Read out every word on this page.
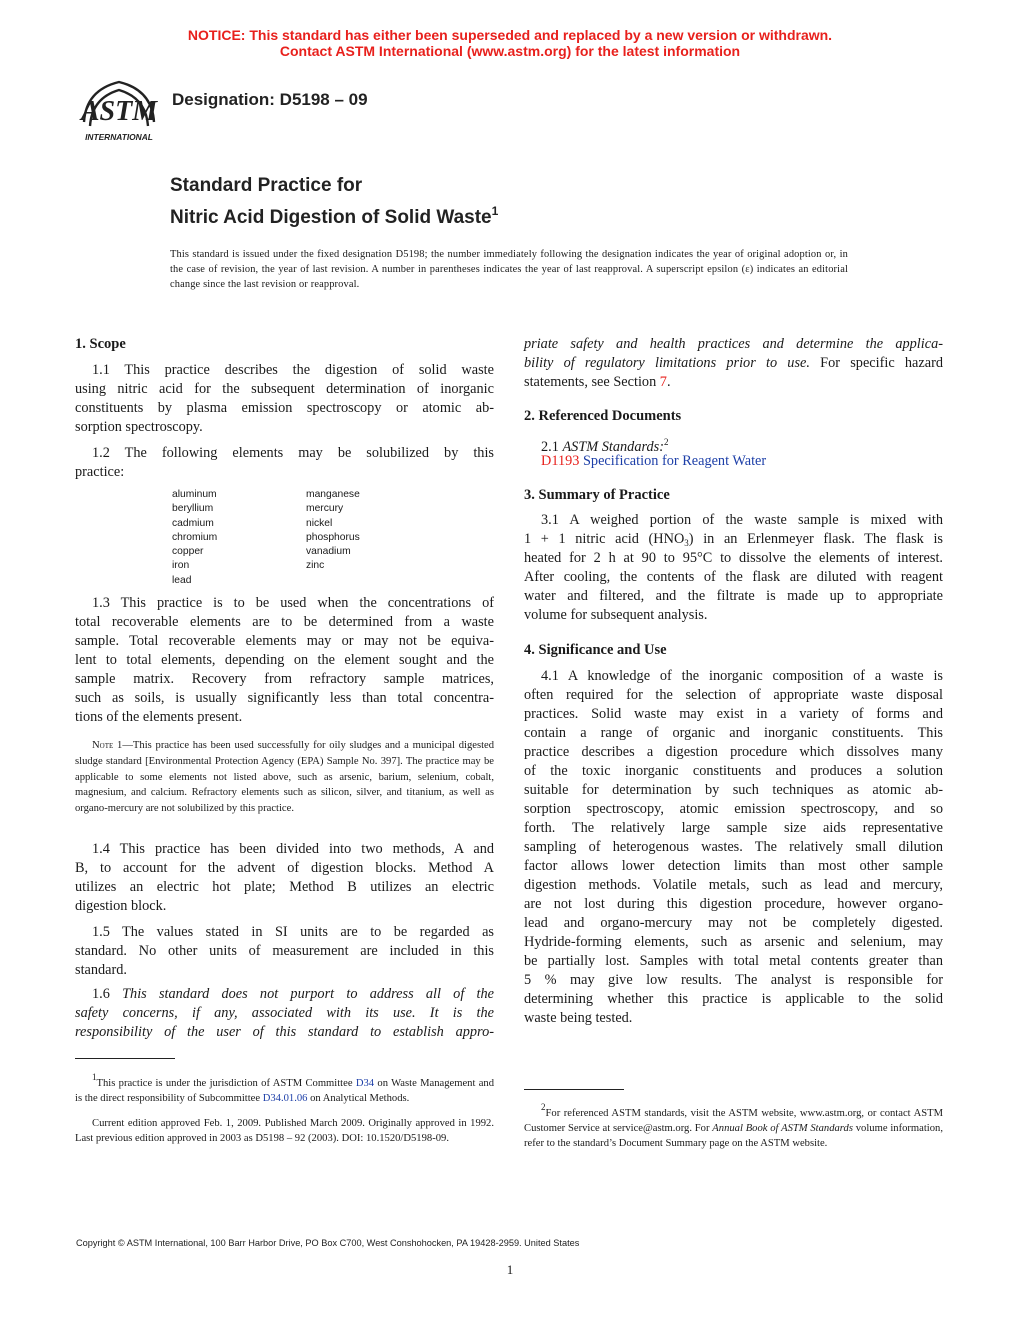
NOTICE: This standard has either been superseded and replaced by a new version or withdrawn.
Contact ASTM International (www.astm.org) for the latest information
ASTM
INTERNATIONAL
Designation: D5198 – 09
Standard Practice for
Nitric Acid Digestion of Solid Waste$^1$
This standard is issued under the fixed designation D5198; the number immediately following the designation indicates the year of original adoption or, in the case of revision, the year of last revision. A number in parentheses indicates the year of last reapproval. A superscript epsilon (ε) indicates an editorial change since the last revision or reapproval.
1. Scope
1.1 This practice describes the digestion of solid waste
using nitric acid for the subsequent determination of inorganic
constituents by plasma emission spectroscopy or atomic ab-
sorption spectroscopy.
1.2 The following elements may be solubilized by this
practice:
aluminum
beryllium
cadmium
chromium
copper
iron
lead
manganese
mercury
nickel
phosphorus
vanadium
zinc
1.3 This practice is to be used when the concentrations of
total recoverable elements are to be determined from a waste
sample. Total recoverable elements may or may not be equiva-
lent to total elements, depending on the element sought and the
sample matrix. Recovery from refractory sample matrices,
such as soils, is usually significantly less than total concentra-
tions of the elements present.
Note 1—This practice has been used successfully for oily sludges and a municipal digested sludge standard [Environmental Protection Agency (EPA) Sample No. 397]. The practice may be applicable to some elements not listed above, such as arsenic, barium, selenium, cobalt, magnesium, and calcium. Refractory elements such as silicon, silver, and titanium, as well as organo-mercury are not solubilized by this practice.
1.4 This practice has been divided into two methods, A and
B, to account for the advent of digestion blocks. Method A
utilizes an electric hot plate; Method B utilizes an electric
digestion block.
1.5 The values stated in SI units are to be regarded as
standard. No other units of measurement are included in this
standard.
1.6 This standard does not purport to address all of the
safety concerns, if any, associated with its use. It is the
responsibility of the user of this standard to establish appro-
$^1$This practice is under the jurisdiction of ASTM Committee D34 on Waste Management and is the direct responsibility of Subcommittee D34.01.06 on Analytical Methods.
Current edition approved Feb. 1, 2009. Published March 2009. Originally approved in 1992. Last previous edition approved in 2003 as D5198 – 92 (2003). DOI: 10.1520/D5198-09.
priate safety and health practices and determine the applica-
bility of regulatory limitations prior to use. For specific hazard
statements, see Section 7.
2. Referenced Documents
2.1 ASTM Standards:$^2$
D1193 Specification for Reagent Water
3. Summary of Practice
3.1 A weighed portion of the waste sample is mixed with
1 + 1 nitric acid $(HNO_3)$ in an Erlenmeyer flask. The flask is
heated for 2 h at 90 to 95°C to dissolve the elements of interest.
After cooling, the contents of the flask are diluted with reagent
water and filtered, and the filtrate is made up to appropriate
volume for subsequent analysis.
4. Significance and Use
4.1 A knowledge of the inorganic composition of a waste is
often required for the selection of appropriate waste disposal
practices. Solid waste may exist in a variety of forms and
contain a range of organic and inorganic constituents. This
practice describes a digestion procedure which dissolves many
of the toxic inorganic constituents and produces a solution
suitable for determination by such techniques as atomic ab-
sorption spectroscopy, atomic emission spectroscopy, and so
forth. The relatively large sample size aids representative
sampling of heterogenous wastes. The relatively small dilution
factor allows lower detection limits than most other sample
digestion methods. Volatile metals, such as lead and mercury,
are not lost during this digestion procedure, however organo-
lead and organo-mercury may not be completely digested.
Hydride-forming elements, such as arsenic and selenium, may
be partially lost. Samples with total metal contents greater than
5 % may give low results. The analyst is responsible for
determining whether this practice is applicable to the solid
waste being tested.
$^2$For referenced ASTM standards, visit the ASTM website, www.astm.org, or contact ASTM Customer Service at service@astm.org. For Annual Book of ASTM Standards volume information, refer to the standard’s Document Summary page on the ASTM website.
Copyright © ASTM International, 100 Barr Harbor Drive, PO Box C700, West Conshohocken, PA 19428-2959. United States
1
